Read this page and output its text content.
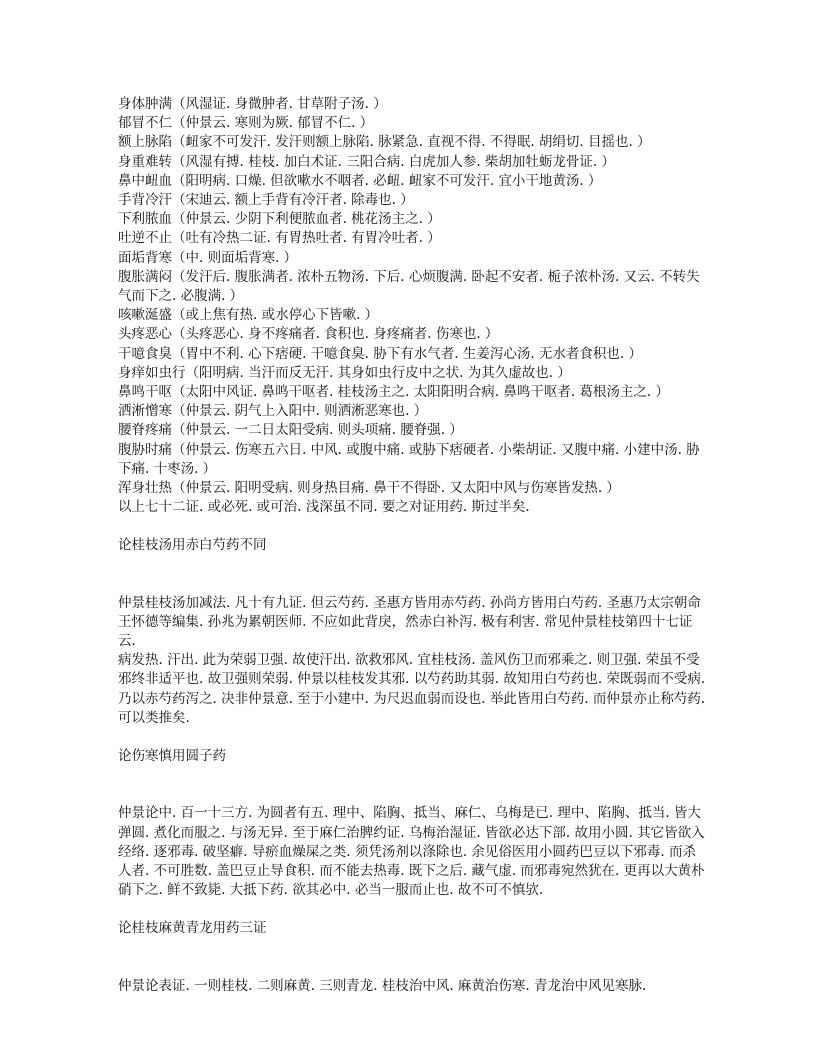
身体肿满（风湿证. 身微肿者. 甘草附子汤. ）

郁冒不仁（仲景云. 寒则为厥. 郁冒不仁. ）

额上脉陷（衄家不可发汗. 发汗则额上脉陷. 脉紧急. 直视不得. 不得眠. 胡绢切. 目摇也. ）

身重难转（风湿有搏. 桂枝. 加白术证. 三阳合病. 白虎加人参. 柴胡加牡蛎龙骨证. ）

鼻中衄血（阳明病. 口燥. 但欲嗽水不咽者. 必衄. 衄家不可发汗. 宜小干地黄汤. ）

手背冷汗（宋迪云. 额上手背有冷汗者. 除毒也. ）

下利脓血（仲景云. 少阴下利便脓血者. 桃花汤主之. ）

吐逆不止（吐有冷热二证. 有胃热吐者. 有胃冷吐者. ）

面垢背寒（中. 则面垢背寒. ）

腹胀满闷（发汗后. 腹胀满者. 浓朴五物汤. 下后. 心烦腹满. 卧起不安者. 栀子浓朴汤. 又云. 不转失气而下之. 必腹满. ）

咳嗽涎盛（或上焦有热. 或水停心下皆嗽. ）

头疼恶心（头疼恶心. 身不疼痛者. 食积也. 身疼痛者. 伤寒也. ）

干噫食臭（胃中不利. 心下痞硬. 干噫食臭. 胁下有水气者. 生姜泻心汤. 无水者食积也. ）

身痒如虫行（阳明病. 当汗而反无汗. 其身如虫行皮中之状. 为其久虚故也. ）

鼻鸣干呕（太阳中风证. 鼻鸣干呕者. 桂枝汤主之. 太阳阳明合病. 鼻鸣干呕者. 葛根汤主之. ）

洒淅憎寒（仲景云. 阴气上入阳中. 则洒淅恶寒也. ）

腰脊疼痛（仲景云. 一二日太阳受病. 则头项痛. 腰脊强. ）

腹胁时痛（仲景云. 伤寒五六日. 中风. 或腹中痛. 或胁下痞硬者. 小柴胡证. 又腹中痛. 小建中汤. 胁下痛. 十枣汤. ）

浑身壮热（仲景云. 阳明受病. 则身热目痛. 鼻干不得卧. 又太阳中风与伤寒皆发热. ）

以上七十二证. 或必死. 或可治. 浅深虽不同. 要之对证用药. 斯过半矣.

论桂枝汤用赤白芍药不同

仲景桂枝汤加减法. 凡十有九证. 但云芍药. 圣惠方皆用赤芍药. 孙尚方皆用白芍药. 圣惠乃太宗朝命王怀德等编集. 孙兆为累朝医师. 不应如此背戾，然赤白补泻. 极有利害. 常见仲景桂枝第四十七证云.

病发热. 汗出. 此为荣弱卫强. 故使汗出. 欲救邪风. 宜桂枝汤. 盖风伤卫而邪乘之. 则卫强. 荣虽不受邪终非适平也. 故卫强则荣弱. 仲景以桂枝发其邪. 以芍药助其弱. 故知用白芍药也. 荣既弱而不受病. 乃以赤芍药泻之. 决非仲景意. 至于小建中. 为尺迟血弱而设也. 举此皆用白芍药. 而仲景亦止称芍药. 可以类推矣.

论伤寒慎用圆子药

仲景论中. 百一十三方. 为圆者有五. 理中、陷胸、抵当、麻仁、乌梅是已. 理中、陷胸、抵当. 皆大弹圆. 煮化而服之. 与汤无异. 至于麻仁治脾约证. 乌梅治湿证. 皆欲必达下部. 故用小圆. 其它皆欲入经络. 逐邪毒. 破坚癖. 导瘀血燥屎之类. 须凭汤剂以涤除也. 余见俗医用小圆药巴豆以下邪毒. 而杀人者. 不可胜数. 盖巴豆止导食积. 而不能去热毒. 既下之后. 藏气虚. 而邪毒宛然犹在. 更再以大黄朴硝下之. 鲜不致毙. 大抵下药. 欲其必中. 必当一服而止也. 故不可不慎欤.

论桂枝麻黄青龙用药三证

仲景论表证. 一则桂枝. 二则麻黄. 三则青龙. 桂枝治中风. 麻黄治伤寒. 青龙治中风见寒脉.
